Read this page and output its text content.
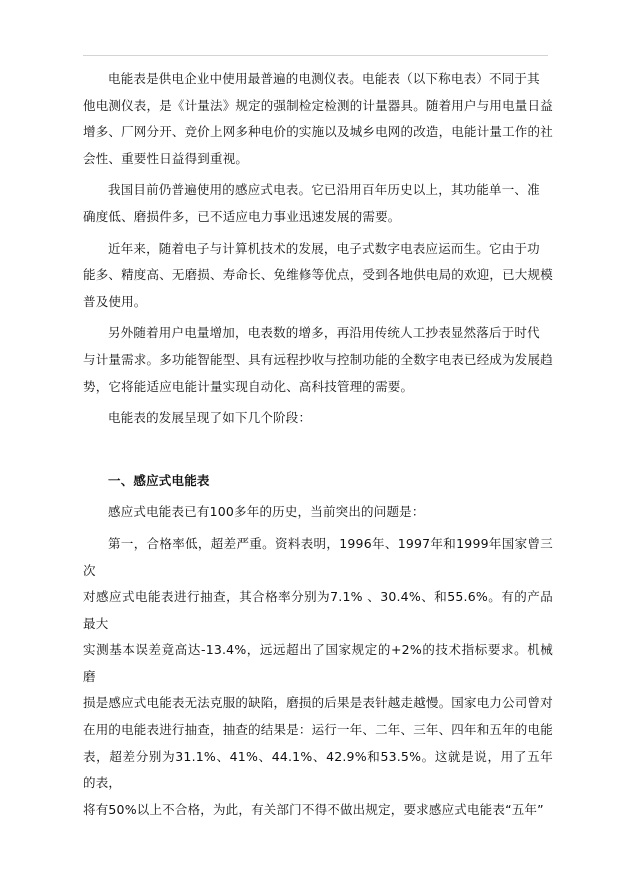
电能表是供电企业中使用最普遍的电测仪表。电能表（以下称电表）不同于其
他电测仪表，是《计量法》规定的强制检定检测的计量器具。随着用户与用电量日益
增多、厂网分开、竞价上网多种电价的实施以及城乡电网的改造，电能计量工作的社
会性、重要性日益得到重视。

我国目前仍普遍使用的感应式电表。它已沿用百年历史以上，其功能单一、准
确度低、磨损件多，已不适应电力事业迅速发展的需要。

近年来，随着电子与计算机技术的发展，电子式数字电表应运而生。它由于功
能多、精度高、无磨损、寿命长、免维修等优点，受到各地供电局的欢迎，已大规模
普及使用。

另外随着用户电量增加，电表数的增多，再沿用传统人工抄表显然落后于时代
与计量需求。多功能智能型、具有远程抄收与控制功能的全数字电表已经成为发展趋
势，它将能适应电能计量实现自动化、高科技管理的需要。

电能表的发展呈现了如下几个阶段：

一、感应式电能表

感应式电能表已有100多年的历史，当前突出的问题是：

第一，合格率低，超差严重。资料表明，1996年、1997年和1999年国家曾三次
对感应式电能表进行抽查，其合格率分别为7.1% 、30.4%、和55.6%。有的产品最大
实测基本误差竟高达-13.4%，远远超出了国家规定的+2%的技术指标要求。机械磨
损是感应式电能表无法克服的缺陷，磨损的后果是表针越走越慢。国家电力公司曾对
在用的电能表进行抽查，抽查的结果是：运行一年、二年、三年、四年和五年的电能
表，超差分别为31.1%、41%、44.1%、42.9%和53.5%。这就是说，用了五年的表，
将有50%以上不合格，为此，有关部门不得不做出规定，要求感应式电能表“五年”
